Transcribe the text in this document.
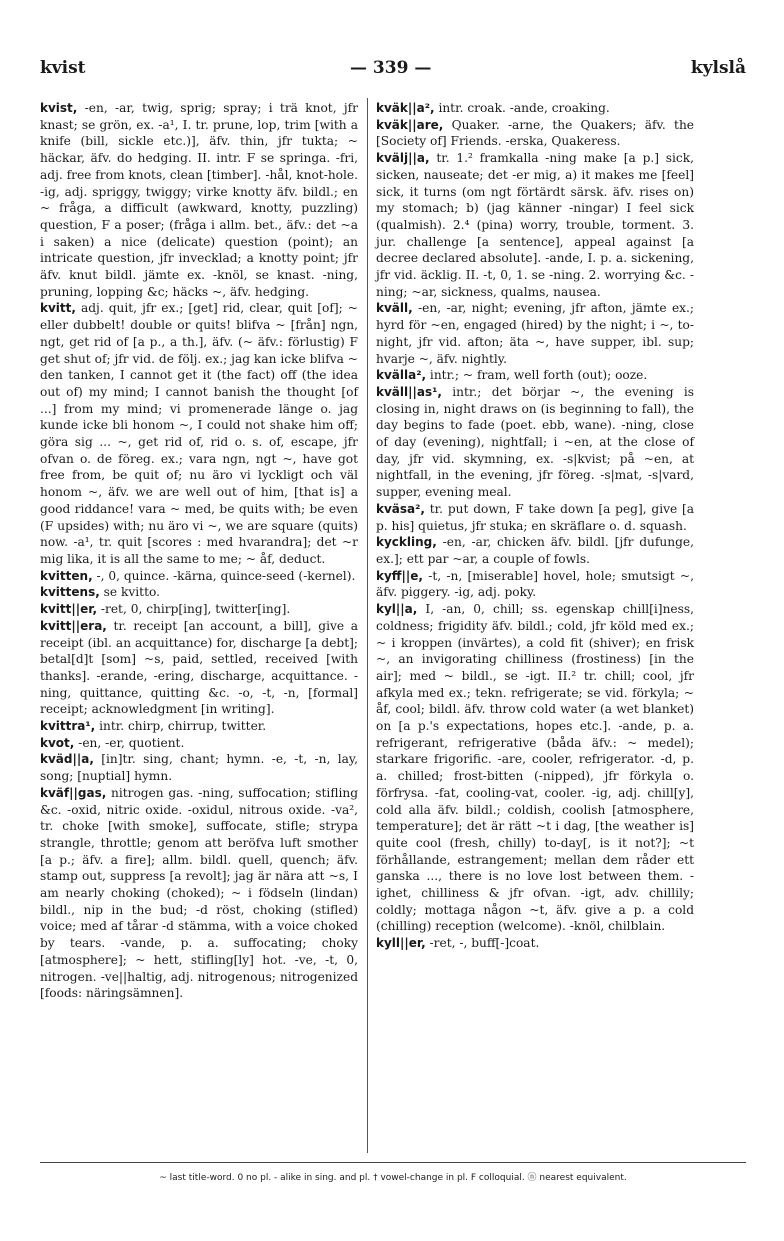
kvist	— 339 —	kylslå

kvist, -en, -ar, twig, sprig; spray; i trä knot, jfr knast; se grön, ex. -a¹, I. tr. prune, lop, trim [with a knife (bill, sickle etc.)], äfv. thin, jfr tukta; ~ häckar, äfv. do hedging. II. intr. F se springa. -fri, adj. free from knots, clean [timber]. -hål, knot-hole. -ig, adj. spriggy, twiggy; virke knotty äfv. bildl.; en ~ fråga, a difficult (awkward, knotty, puzzling) question, F a poser; (fråga i allm. bet., äfv.: det ~a i saken) a nice (delicate) question (point); an intricate question, jfr invecklad; a knotty point; jfr äfv. knut bildl. jämte ex. -knöl, se knast. -ning, pruning, lopping &c; häcks ~, äfv. hedging.

kvitt, adj. quit, jfr ex.; [get] rid, clear, quit [of]; ~ eller dubbelt! double or quits! blifva ~ [från] ngn, ngt, get rid of [a p., a th.], äfv. (~ äfv.: förlustig) F get shut of; jfr vid. de följ. ex.; jag kan icke blifva ~ den tanken, I cannot get it (the fact) off (the idea out of) my mind; I cannot banish the thought [of ...] from my mind; vi promenerade länge o. jag kunde icke bli honom ~, I could not shake him off; göra sig ... ~, get rid of, rid o. s. of, escape, jfr ofvan o. de föreg. ex.; vara ngn, ngt ~, have got free from, be quit of; nu äro vi lyckligt och väl honom ~, äfv. we are well out of him, [that is] a good riddance! vara ~ med, be quits with; be even (F upsides) with; nu äro vi ~, we are square (quits) now. -a¹, tr. quit [scores : med hvarandra]; det ~r mig lika, it is all the same to me; ~ åf, deduct.

kvitten, -, 0, quince. -kärna, quince-seed (-kernel).

kvittens, se kvitto.

kvitt||er, -ret, 0, chirp[ing], twitter[ing].

kvitt||era, tr. receipt [an account, a bill], give a receipt (ibl. an acquittance) for, discharge [a debt]; betal[d]t [som] ~s, paid, settled, received [with thanks]. -erande, -ering, discharge, acquittance. -ning, quittance, quitting &c. -o, -t, -n, [formal] receipt; acknowledgment [in writing].

kvittra¹, intr. chirp, chirrup, twitter.

kvot, -en, -er, quotient.

kväd||a, [in]tr. sing, chant; hymn. -e, -t, -n, lay, song; [nuptial] hymn.

kväf||gas, nitrogen gas. -ning, suffocation; stifling &c. -oxid, nitric oxide. -oxidul, nitrous oxide. -va², tr. choke [with smoke], suffocate, stifle; strypa strangle, throttle; genom att beröfva luft smother [a p.; äfv. a fire]; allm. bildl. quell, quench; äfv. stamp out, suppress [a revolt]; jag är nära att ~s, I am nearly choking (choked); ~ i födseln (lindan) bildl., nip in the bud; -d röst, choking (stifled) voice; med af tårar -d stämma, with a voice choked by tears. -vande, p. a. suffocating; choky [atmosphere]; ~ hett, stifling[ly] hot. -ve, -t, 0, nitrogen. -ve||haltig, adj. nitrogenous; nitrogenized [foods: näringsämnen].

kväk||a², intr. croak. -ande, croaking.

kväk||are, Quaker. -arne, the Quakers; äfv. the [Society of] Friends. -erska, Quakeress.

kvälj||a, tr. 1.² framkalla -ning make [a p.] sick, sicken, nauseate; det -er mig, a) it makes me [feel] sick, it turns (om ngt förtärdt särsk. äfv. rises on) my stomach; b) (jag känner -ningar) I feel sick (qualmish). 2.⁴ (pina) worry, trouble, torment. 3. jur. challenge [a sentence], appeal against [a decree declared absolute]. -ande, I. p. a. sickening, jfr vid. äcklig. II. -t, 0, 1. se -ning. 2. worrying &c. -ning; ~ar, sickness, qualms, nausea.

kväll, -en, -ar, night; evening, jfr afton, jämte ex.; hyrd för ~en, engaged (hired) by the night; i ~, to-night, jfr vid. afton; äta ~, have supper, ibl. sup; hvarje ~, äfv. nightly.

kvälla², intr.; ~ fram, well forth (out); ooze.

kväll||as¹, intr.; det börjar ~, the evening is closing in, night draws on (is beginning to fall), the day begins to fade (poet. ebb, wane). -ning, close of day (evening), nightfall; i ~en, at the close of day, jfr vid. skymning, ex. -s|kvist; på ~en, at nightfall, in the evening, jfr föreg. -s|mat, -s|vard, supper, evening meal.

kväsa², tr. put down, F take down [a peg], give [a p. his] quietus, jfr stuka; en skräflare o. d. squash.

kyckling, -en, -ar, chicken äfv. bildl. [jfr dufunge, ex.]; ett par ~ar, a couple of fowls.

kyff||e, -t, -n, [miserable] hovel, hole; smutsigt ~, äfv. piggery. -ig, adj. poky.

kyl||a, I, -an, 0, chill; ss. egenskap chill[i]ness, coldness; frigidity äfv. bildl.; cold, jfr köld med ex.; ~ i kroppen (invärtes), a cold fit (shiver); en frisk ~, an invigorating chilliness (frostiness) [in the air]; med ~ bildl., se -igt. II.² tr. chill; cool, jfr afkyla med ex.; tekn. refrigerate; se vid. förkyla; ~ åf, cool; bildl. äfv. throw cold water (a wet blanket) on [a p.'s expectations, hopes etc.]. -ande, p. a. refrigerant, refrigerative (båda äfv.: ~ medel); starkare frigorific. -are, cooler, refrigerator. -d, p. a. chilled; frost-bitten (-nipped), jfr förkyla o. förfrysa. -fat, cooling-vat, cooler. -ig, adj. chill[y], cold alla äfv. bildl.; coldish, coolish [atmosphere, temperature]; det är rätt ~t i dag, [the weather is] quite cool (fresh, chilly) to-day[, is it not?]; ~t förhållande, estrangement; mellan dem råder ett ganska ..., there is no love lost between them. -ighet, chilliness & jfr ofvan. -igt, adv. chillily; coldly; mottaga någon ~t, äfv. give a p. a cold (chilling) reception (welcome). -knöl, chilblain.

kyll||er, -ret, -, buff[-]coat.

~ last title-word. 0 no pl. - alike in sing. and pl. † vowel-change in pl. F colloquial. ⓝ nearest equivalent.
